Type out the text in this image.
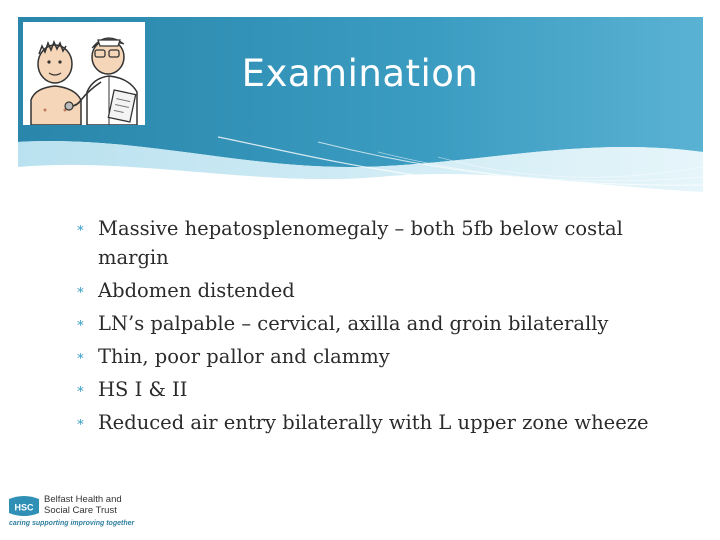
Examination
∗ Massive hepatosplenomegaly – both 5fb below costal margin
∗ Abdomen distended
∗ LN’s palpable – cervical, axilla and groin bilaterally
∗ Thin, poor pallor and clammy
∗ HS I & II
∗ Reduced air entry bilaterally with L upper zone wheeze
HSC
Belfast Health and
Social Care Trust
caring supporting improving together
